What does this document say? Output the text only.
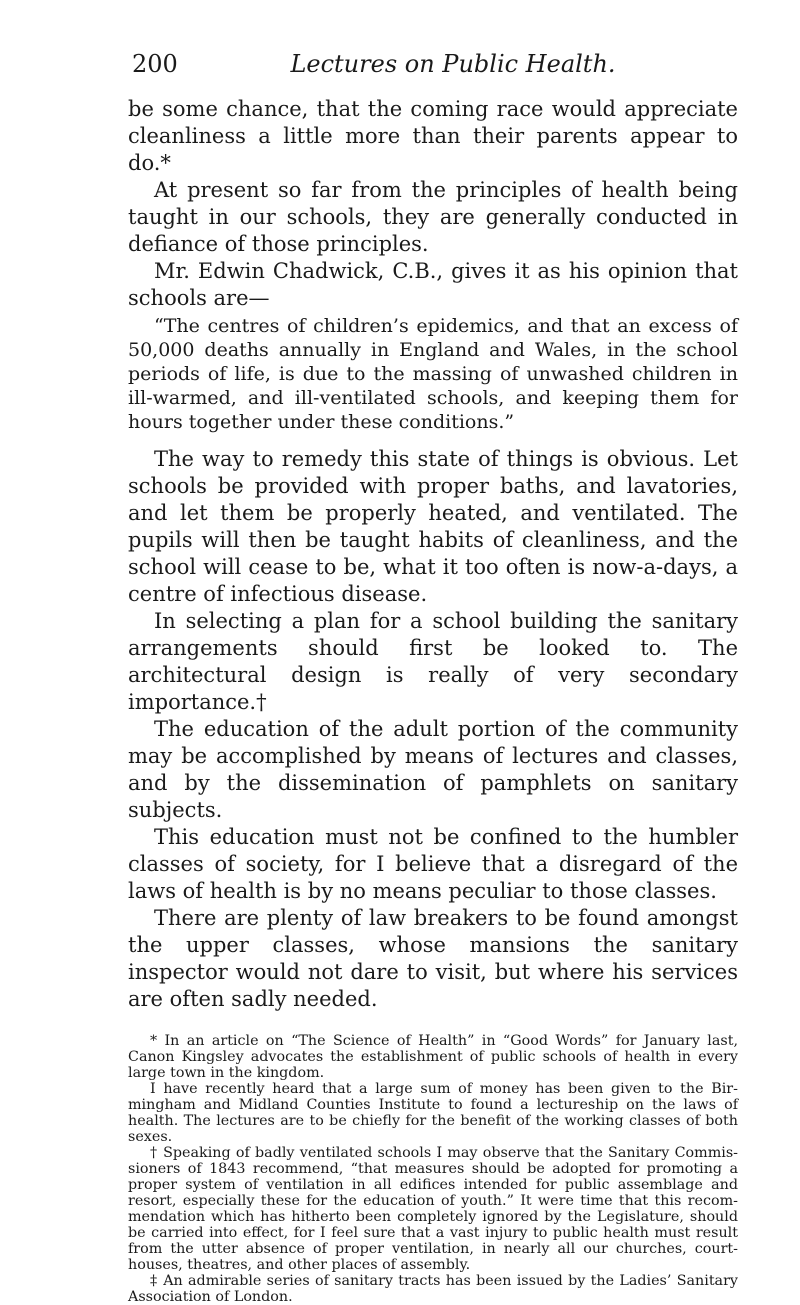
200	Lectures on Public Health.

be some chance, that the coming race would appreciate cleanliness a little more than their parents appear to do.*

At present so far from the principles of health being taught in our schools, they are generally conducted in defiance of those principles.

Mr. Edwin Chadwick, C.B., gives it as his opinion that schools are—

“The centres of children’s epidemics, and that an excess of 50,000 deaths annually in England and Wales, in the school periods of life, is due to the massing of unwashed children in ill-warmed, and ill-ventilated schools, and keeping them for hours together under these conditions.”

The way to remedy this state of things is obvious. Let schools be provided with proper baths, and lavatories, and let them be properly heated, and ventilated. The pupils will then be taught habits of cleanliness, and the school will cease to be, what it too often is now-a-days, a centre of infectious disease.

In selecting a plan for a school building the sanitary arrangements should first be looked to. The architectural design is really of very secondary importance.†

The education of the adult portion of the community may be accomplished by means of lectures and classes, and by the dissemination of pamphlets on sanitary subjects.

This education must not be confined to the humbler classes of society, for I believe that a disregard of the laws of health is by no means peculiar to those classes.

There are plenty of law breakers to be found amongst the upper classes, whose mansions the sanitary inspector would not dare to visit, but where his services are often sadly needed.

* In an article on “The Science of Health” in “Good Words” for January last, Canon Kingsley advocates the establishment of public schools of health in every large town in the kingdom.

I have recently heard that a large sum of money has been given to the Birmingham and Midland Counties Institute to found a lectureship on the laws of health. The lectures are to be chiefly for the benefit of the working classes of both sexes.

† Speaking of badly ventilated schools I may observe that the Sanitary Commissioners of 1843 recommend, “that measures should be adopted for promoting a proper system of ventilation in all edifices intended for public assemblage and resort, especially these for the education of youth.” It were time that this recommendation which has hitherto been completely ignored by the Legislature, should be carried into effect, for I feel sure that a vast injury to public health must result from the utter absence of proper ventilation, in nearly all our churches, court-houses, theatres, and other places of assembly.

‡ An admirable series of sanitary tracts has been issued by the Ladies’ Sanitary Association of London.
